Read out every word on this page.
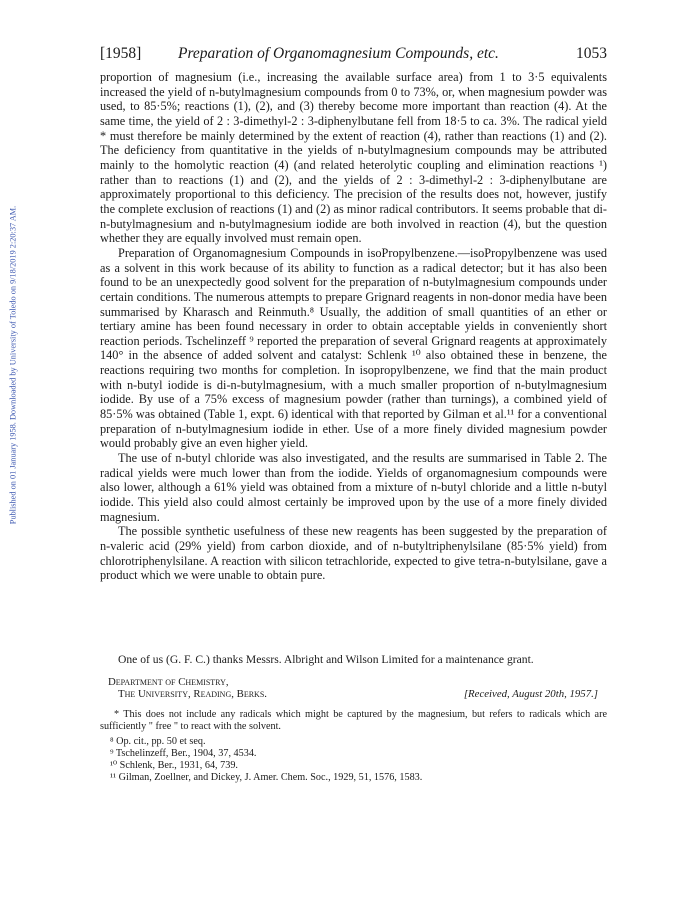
[1958] Preparation of Organomagnesium Compounds, etc.	1053
Published on 01 January 1958. Downloaded by University of Toledo on 9/18/2019 2:20:37 AM.

proportion of magnesium (i.e., increasing the available surface area) from 1 to 3·5 equivalents increased the yield of n-butylmagnesium compounds from 0 to 73%, or, when magnesium powder was used, to 85·5%; reactions (1), (2), and (3) thereby become more important than reaction (4). At the same time, the yield of 2 : 3-dimethyl-2 : 3-diphenylbutane fell from 18·5 to ca. 3%. The radical yield * must therefore be mainly determined by the extent of reaction (4), rather than reactions (1) and (2). The deficiency from quantitative in the yields of n-butylmagnesium compounds may be attributed mainly to the homolytic reaction (4) (and related heterolytic coupling and elimination reactions ¹) rather than to reactions (1) and (2), and the yields of 2 : 3-dimethyl-2 : 3-diphenylbutane are approximately proportional to this deficiency. The precision of the results does not, however, justify the complete exclusion of reactions (1) and (2) as minor radical contributors. It seems probable that di-n-butylmagnesium and n-butylmagnesium iodide are both involved in reaction (4), but the question whether they are equally involved must remain open.

Preparation of Organomagnesium Compounds in isoPropylbenzene.—isoPropylbenzene was used as a solvent in this work because of its ability to function as a radical detector; but it has also been found to be an unexpectedly good solvent for the preparation of n-butylmagnesium compounds under certain conditions. The numerous attempts to prepare Grignard reagents in non-donor media have been summarised by Kharasch and Reinmuth.⁸ Usually, the addition of small quantities of an ether or tertiary amine has been found necessary in order to obtain acceptable yields in conveniently short reaction periods. Tschelinzeff ⁹ reported the preparation of several Grignard reagents at approximately 140° in the absence of added solvent and catalyst: Schlenk ¹⁰ also obtained these in benzene, the reactions requiring two months for completion. In isopropylbenzene, we find that the main product with n-butyl iodide is di-n-butylmagnesium, with a much smaller proportion of n-butylmagnesium iodide. By use of a 75% excess of magnesium powder (rather than turnings), a combined yield of 85·5% was obtained (Table 1, expt. 6) identical with that reported by Gilman et al.¹¹ for a conventional preparation of n-butylmagnesium iodide in ether. Use of a more finely divided magnesium powder would probably give an even higher yield.

The use of n-butyl chloride was also investigated, and the results are summarised in Table 2. The radical yields were much lower than from the iodide. Yields of organomagnesium compounds were also lower, although a 61% yield was obtained from a mixture of n-butyl chloride and a little n-butyl iodide. This yield also could almost certainly be improved upon by the use of a more finely divided magnesium.

The possible synthetic usefulness of these new reagents has been suggested by the preparation of n-valeric acid (29% yield) from carbon dioxide, and of n-butyltriphenylsilane (85·5% yield) from chlorotriphenylsilane. A reaction with silicon tetrachloride, expected to give tetra-n-butylsilane, gave a product which we were unable to obtain pure.

One of us (G. F. C.) thanks Messrs. Albright and Wilson Limited for a maintenance grant.
Department of Chemistry,
The University, Reading, Berks.	[Received, August 20th, 1957.]

* This does not include any radicals which might be captured by the magnesium, but refers to radicals which are sufficiently " free " to react with the solvent.

⁸ Op. cit., pp. 50 et seq.

⁹ Tschelinzeff, Ber., 1904, 37, 4534.

¹⁰ Schlenk, Ber., 1931, 64, 739.

¹¹ Gilman, Zoellner, and Dickey, J. Amer. Chem. Soc., 1929, 51, 1576, 1583.
